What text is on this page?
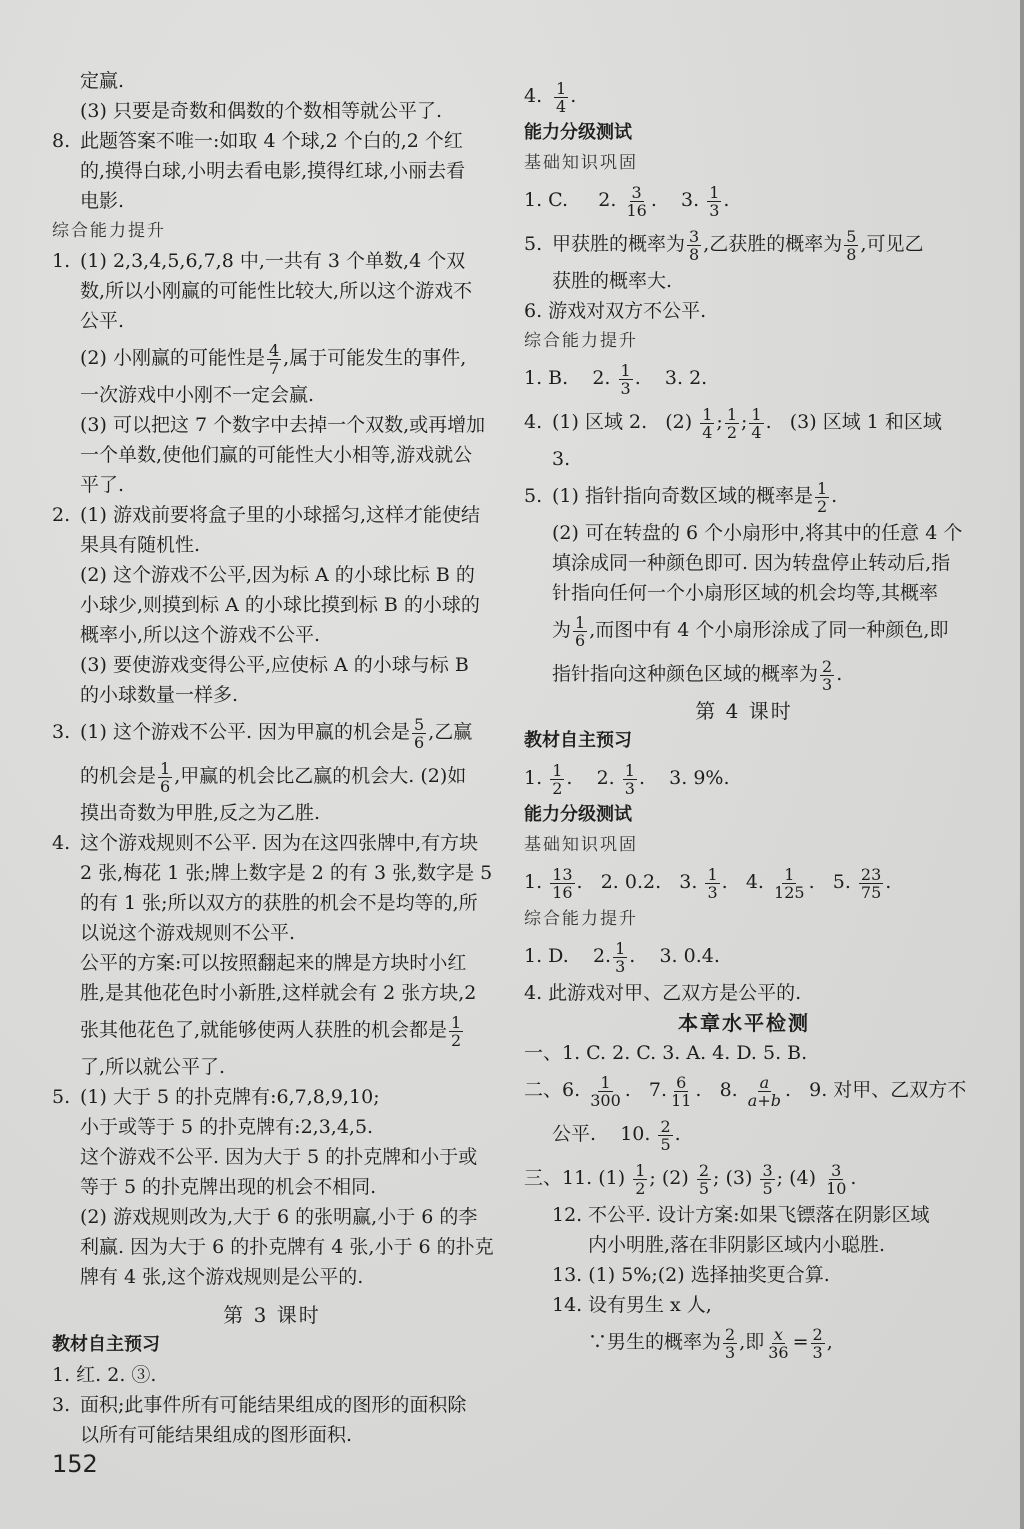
定赢.
(3) 只要是奇数和偶数的个数相等就公平了.
8. 此题答案不唯一:如取 4 个球,2 个白的,2 个红
的,摸得白球,小明去看电影,摸得红球,小丽去看
电影.
综合能力提升
1. (1) 2,3,4,5,6,7,8 中,一共有 3 个单数,4 个双
数,所以小刚赢的可能性比较大,所以这个游戏不
公平.
(2) 小刚赢的可能性是 $\frac{4}{7}$ ,属于可能发生的事件,
一次游戏中小刚不一定会赢.
(3) 可以把这 7 个数字中去掉一个双数,或再增加
一个单数,使他们赢的可能性大小相等,游戏就公
平了.
2. (1) 游戏前要将盒子里的小球摇匀,这样才能使结
果具有随机性.
(2) 这个游戏不公平,因为标 A 的小球比标 B 的
小球少,则摸到标 A 的小球比摸到标 B 的小球的
概率小,所以这个游戏不公平.
(3) 要使游戏变得公平,应使标 A 的小球与标 B
的小球数量一样多.
3. (1) 这个游戏不公平. 因为甲赢的机会是 $\frac{5}{6}$ ,乙赢
的机会是 $\frac{1}{6}$ ,甲赢的机会比乙赢的机会大. (2)如
摸出奇数为甲胜,反之为乙胜.
4. 这个游戏规则不公平. 因为在这四张牌中,有方块
2 张,梅花 1 张;牌上数字是 2 的有 3 张,数字是 5
的有 1 张;所以双方的获胜的机会不是均等的,所
以说这个游戏规则不公平.
公平的方案:可以按照翻起来的牌是方块时小红
胜,是其他花色时小新胜,这样就会有 2 张方块,2
张其他花色了,就能够使两人获胜的机会都是 $\frac{1}{2}$
了,所以就公平了.
5. (1) 大于 5 的扑克牌有:6,7,8,9,10;
小于或等于 5 的扑克牌有:2,3,4,5.
这个游戏不公平. 因为大于 5 的扑克牌和小于或
等于 5 的扑克牌出现的机会不相同.
(2) 游戏规则改为,大于 6 的张明赢,小于 6 的李
利赢. 因为大于 6 的扑克牌有 4 张,小于 6 的扑克
牌有 4 张,这个游戏规则是公平的.
第 3 课时
教材自主预习
1. 红. 2. ③.
3. 面积;此事件所有可能结果组成的图形的面积除
以所有可能结果组成的图形面积.
152
4. $\frac{1}{4}$ .
能力分级测试
基础知识巩固
1. C. 2. $\frac{3}{16}$ .    3. $\frac{1}{3}$ .
5. 甲获胜的概率为 $\frac{3}{8}$ ,乙获胜的概率为 $\frac{5}{8}$ ,可见乙
获胜的概率大.
6. 游戏对双方不公平.
综合能力提升
1. B. 2. $\frac{1}{3}$ .    3. 2.
4. (1) 区域 2. $(2) \frac{1}{4}$ ; $\frac{1}{2}$ ; $\frac{1}{4}$ .   (3) 区域 1 和区域
3.
5. (1) 指针指向奇数区域的概率是 $\frac{1}{2}$ .
(2) 可在转盘的 6 个小扇形中,将其中的任意 4 个
填涂成同一种颜色即可. 因为转盘停止转动后,指
针指向任何一个小扇形区域的机会均等,其概率
为 $\frac{1}{6}$ ,而图中有 4 个小扇形涂成了同一种颜色,即
指针指向这种颜色区域的概率为 $\frac{2}{3}$ .
第 4 课时
教材自主预习
1. $\frac{1}{2}$ .    2. $\frac{1}{3}$ .    3. 9%.
能力分级测试
基础知识巩固
1. $\frac{13}{16}$ .   2. 0.2. 3. $\frac{1}{3}$ .   4. $\frac{1}{125}$ .   5. $\frac{23}{75}$ .
综合能力提升
1. D. 2. $\frac{1}{3}$ .    3. 0.4.
4. 此游戏对甲、乙双方是公平的.
本章水平检测
一、1. C. 2. C. 3. A. 4. D. 5. B.
二、6. $\frac{1}{300}$ .   7. $\frac{6}{11}$ .   8. $\frac{a}{a+b}$ .   9. 对甲、乙双方不
公平. 10. $\frac{2}{5}$ .
三、11. $(1) \frac{1}{2}$ ; $(2) \frac{2}{5}$ ; $(3) \frac{3}{5}$ ; $(4) \frac{3}{10}$ .
12. 不公平. 设计方案:如果飞镖落在阴影区域
内小明胜,落在非阴影区域内小聪胜.
13. (1) 5%;(2) 选择抽奖更合算.
14. 设有男生 x 人,
∵男生的概率为 $\frac{2}{3}$ ,即 $\frac{x}{36} = \frac{2}{3}$ ,
